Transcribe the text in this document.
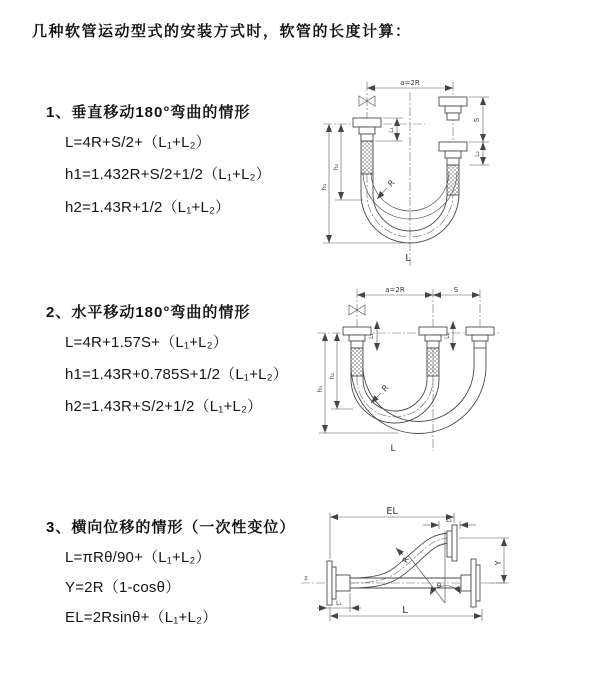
几种软管运动型式的安装方式时，软管的长度计算：
1、垂直移动180°弯曲的情形
L=4R+S/2+（L₁+L₂）
h1=1.432R+S/2+1/2（L₁+L₂）
h2=1.43R+1/2（L₁+L₂）
a=2R
S
L₂
L₁
h₂
h₁	R
L
2、水平移动180°弯曲的情形
L=4R+1.57S+（L₁+L₂）
h1=1.43R+0.785S+1/2（L₁+L₂）
h2=1.43R+S/2+1/2（L₁+L₂）
a=2R	S
L₁	L₂
h₂
h₁	R
L
3、横向位移的情形（一次性变位）
L=πRθ/90+（L₁+L₂）
Y=2R（1-cosθ）
EL=2Rsinθ+（L₁+L₂）
z
EL
L₂
Y
L
L₁
R
θ
